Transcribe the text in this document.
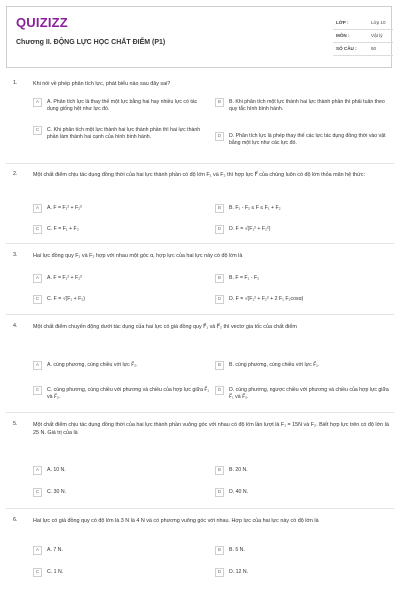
QUIZIZZ
Chương II. ĐỘNG LỰC HỌC CHẤT ĐIỂM (P1)
LỚP :	Lớp 10
MÔN :	Vật lý
SỐ CÂU :	50
1.	Khi nói về phép phân tích lực, phát biểu nào sau đây sai?
A	A. Phân tích lực là thay thế một lực bằng hai hay nhiều lực có tác dụng giống hệt như lực đó.
B	B. Khi phân tích một lực thành hai lực thành phần thì phải tuân theo quy tắc hình bình hành.
C	C. Khi phân tích một lực thành hai lực thành phần thì hai lực thành phần làm thành hai cạnh của hình bình hành.	D	D. Phân tích lực là phép thay thế các lực tác dụng đồng thời vào vật bằng một lực như các lực đó.
2.	Một chất điểm chịu tác dụng đồng thời của hai lực thành phần có độ lớn F₁ và F₂ thì hợp lực F⃗ của chúng luôn có độ lớn thỏa mãn hệ thức:
A	A. F = F₁² + F₂²	B	B. F₁ - F₂ ≤ F ≤ F₁ + F₂
C	C. F = F₁ + F₂	D	D. F = √(F₁² + F₂²)
3.	Hai lực đồng quy F₁ và F₂ hợp với nhau một góc α, hợp lực của hai lực này có độ lớn là
A	A. F = F₁² + F₂²	B	B. F = F₁ - F₂
C	C. F = √(F₁ + F₂)	D	D. F = √(F₁² + F₂² + 2 F₁ F₂cosα)
4.	Một chất điểm chuyển động dưới tác dụng của hai lực có giá đồng quy F⃗₁ và F⃗₂ thì vectơ gia tốc của chất điểm
A	A. cùng phương, cùng chiều với lực F⃗₂.	B	B. cùng phương, cùng chiều với lực F⃗₁.
C	C. cùng phương, cùng chiều với phương và chiều của hợp lực giữa F⃗₁ và F⃗₂.
D	D. cùng phương, ngược chiều với phương và chiều của hợp lực giữa F⃗₁ và F⃗₂.
5.	Một chất điểm chịu tác dụng đồng thời của hai lực thành phần vuông góc với nhau có độ lớn lần lượt là F₁ = 15N và F₂. Biết hợp lực trên có độ lớn là 25 N. Giá trị của là
A	A. 10 N.	B	B. 20 N.
C	C. 30 N.	D	D. 40 N.
6.	Hai lực có giá đồng quy có độ lớn là 3 N là 4 N và có phương vuông góc với nhau. Hợp lực của hai lực này có độ lớn là
A	A. 7 N.	B	B. 5 N.
C	C. 1 N.	D	D. 12 N.
